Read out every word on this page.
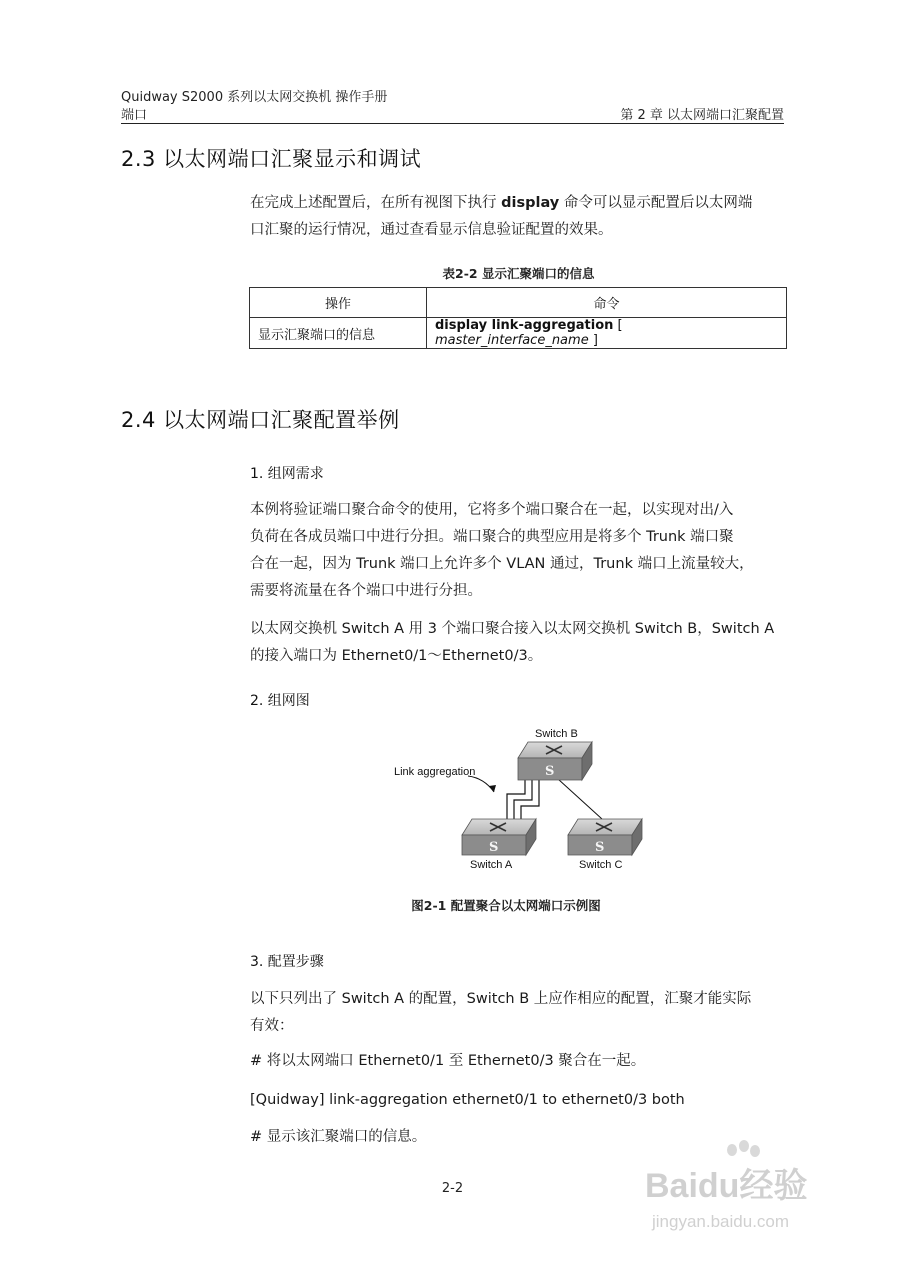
Quidway S2000 系列以太网交换机 操作手册
端口	第 2 章 以太网端口汇聚配置
2.3 以太网端口汇聚显示和调试
在完成上述配置后，在所有视图下执行 display 命令可以显示配置后以太网端
口汇聚的运行情况，通过查看显示信息验证配置的效果。
表2-2 显示汇聚端口的信息
操作	命令
显示汇聚端口的信息	display link-aggregation [ master_interface_name ]
2.4 以太网端口汇聚配置举例
1. 组网需求
本例将验证端口聚合命令的使用，它将多个端口聚合在一起，以实现对出/入
负荷在各成员端口中进行分担。端口聚合的典型应用是将多个 Trunk 端口聚
合在一起，因为 Trunk 端口上允许多个 VLAN 通过，Trunk 端口上流量较大，
需要将流量在各个端口中进行分担。
以太网交换机 Switch A 用 3 个端口聚合接入以太网交换机 Switch B，Switch A
的接入端口为 Ethernet0/1～Ethernet0/3。
2. 组网图
Link aggregation	S
Switch B
S
Switch A
S
Switch C
图2-1 配置聚合以太网端口示例图
3. 配置步骤
以下只列出了 Switch A 的配置，Switch B 上应作相应的配置，汇聚才能实际
有效：
# 将以太网端口 Ethernet0/1 至 Ethernet0/3 聚合在一起。
[Quidway] link-aggregation ethernet0/1 to ethernet0/3 both
# 显示该汇聚端口的信息。
2-2	Baidu经验
jingyan.baidu.com
